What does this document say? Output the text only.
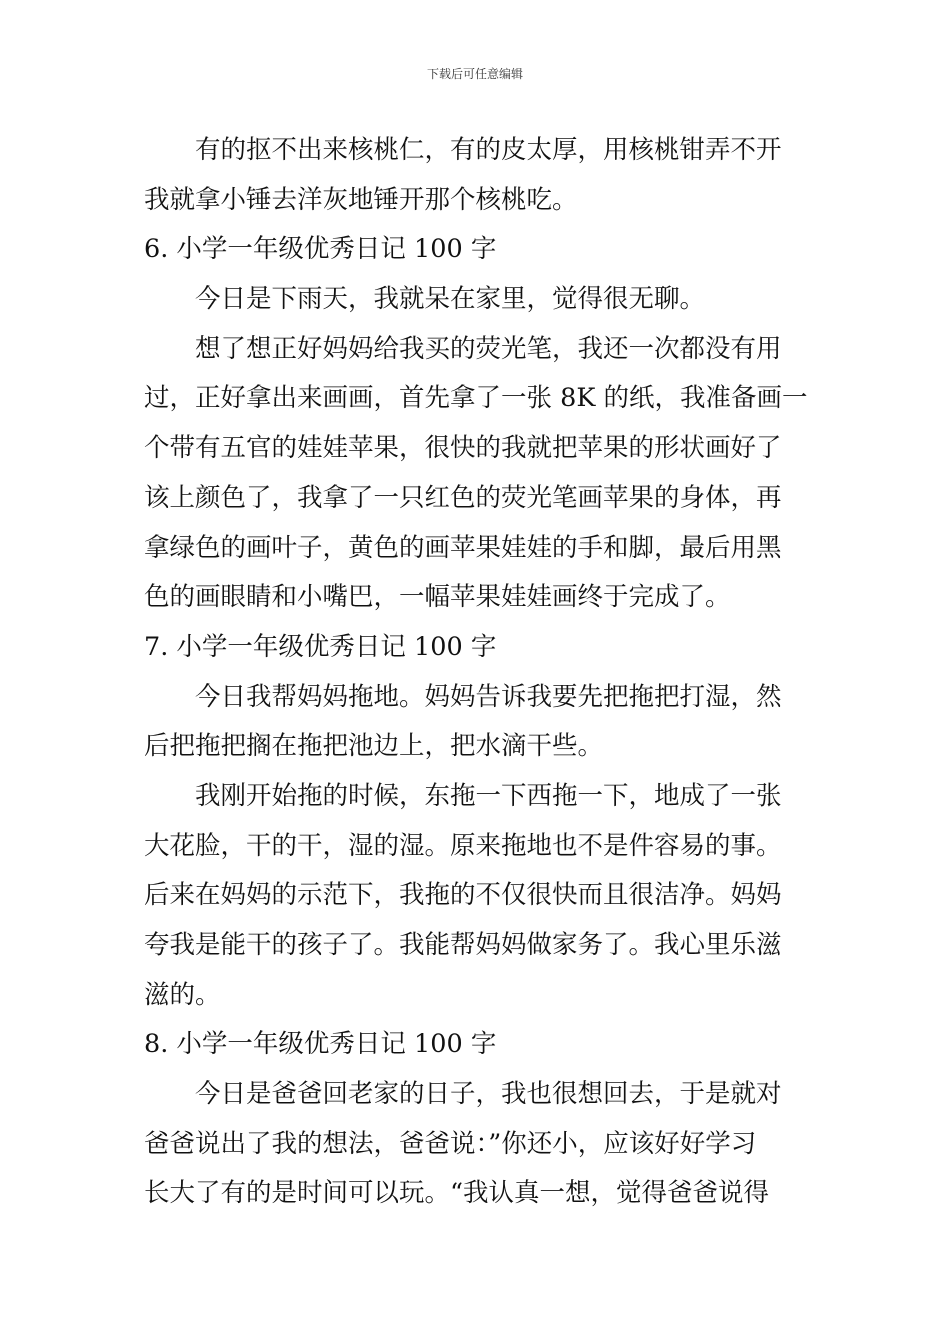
下载后可任意编辑
有的抠不出来核桃仁，有的皮太厚，用核桃钳弄不开
我就拿小锤去洋灰地锤开那个核桃吃。
6. 小学一年级优秀日记 100 字
今日是下雨天，我就呆在家里，觉得很无聊。
想了想正好妈妈给我买的荧光笔，我还一次都没有用
过，正好拿出来画画，首先拿了一张 8K 的纸，我准备画一
个带有五官的娃娃苹果，很快的我就把苹果的形状画好了
该上颜色了，我拿了一只红色的荧光笔画苹果的身体，再
拿绿色的画叶子，黄色的画苹果娃娃的手和脚，最后用黑
色的画眼睛和小嘴巴，一幅苹果娃娃画终于完成了。
7. 小学一年级优秀日记 100 字
今日我帮妈妈拖地。妈妈告诉我要先把拖把打湿，然
后把拖把搁在拖把池边上，把水滴干些。
我刚开始拖的时候，东拖一下西拖一下，地成了一张
大花脸，干的干，湿的湿。原来拖地也不是件容易的事。
后来在妈妈的示范下，我拖的不仅很快而且很洁净。妈妈
夸我是能干的孩子了。我能帮妈妈做家务了。我心里乐滋
滋的。
8. 小学一年级优秀日记 100 字
今日是爸爸回老家的日子，我也很想回去，于是就对
爸爸说出了我的想法，爸爸说：”你还小，应该好好学习
长大了有的是时间可以玩。“我认真一想，觉得爸爸说得
